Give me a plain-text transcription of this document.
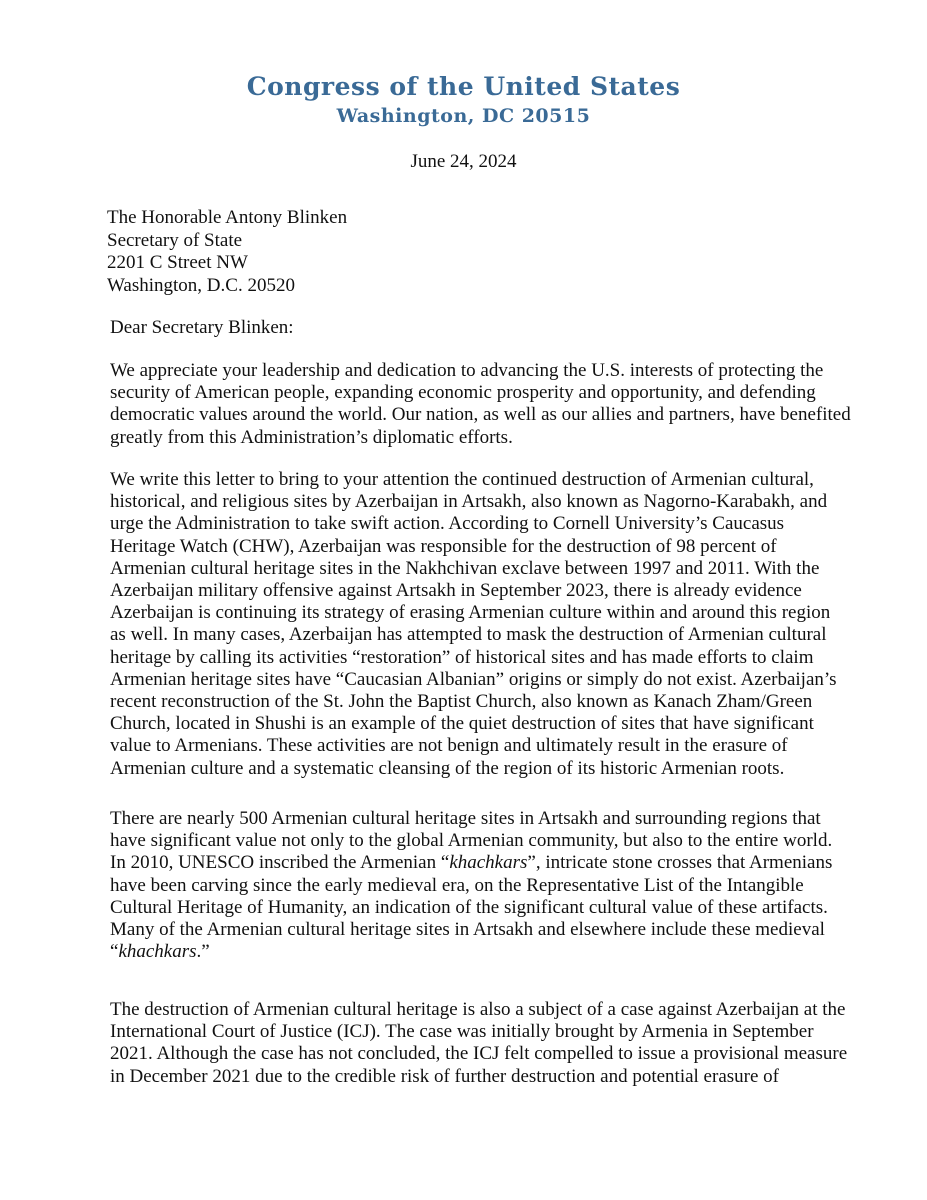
Congress of the United States
Washington, DC 20515
June 24, 2024
The Honorable Antony Blinken
Secretary of State
2201 C Street NW
Washington, D.C. 20520
Dear Secretary Blinken:
We appreciate your leadership and dedication to advancing the U.S. interests of protecting the
security of American people, expanding economic prosperity and opportunity, and defending
democratic values around the world. Our nation, as well as our allies and partners, have benefited
greatly from this Administration’s diplomatic efforts.
We write this letter to bring to your attention the continued destruction of Armenian cultural,
historical, and religious sites by Azerbaijan in Artsakh, also known as Nagorno-Karabakh, and
urge the Administration to take swift action. According to Cornell University’s Caucasus
Heritage Watch (CHW), Azerbaijan was responsible for the destruction of 98 percent of
Armenian cultural heritage sites in the Nakhchivan exclave between 1997 and 2011. With the
Azerbaijan military offensive against Artsakh in September 2023, there is already evidence
Azerbaijan is continuing its strategy of erasing Armenian culture within and around this region
as well. In many cases, Azerbaijan has attempted to mask the destruction of Armenian cultural
heritage by calling its activities “restoration” of historical sites and has made efforts to claim
Armenian heritage sites have “Caucasian Albanian” origins or simply do not exist. Azerbaijan’s
recent reconstruction of the St. John the Baptist Church, also known as Kanach Zham/Green
Church, located in Shushi is an example of the quiet destruction of sites that have significant
value to Armenians. These activities are not benign and ultimately result in the erasure of
Armenian culture and a systematic cleansing of the region of its historic Armenian roots.
There are nearly 500 Armenian cultural heritage sites in Artsakh and surrounding regions that
have significant value not only to the global Armenian community, but also to the entire world.
In 2010, UNESCO inscribed the Armenian “khachkars”, intricate stone crosses that Armenians
have been carving since the early medieval era, on the Representative List of the Intangible
Cultural Heritage of Humanity, an indication of the significant cultural value of these artifacts.
Many of the Armenian cultural heritage sites in Artsakh and elsewhere include these medieval
“khachkars.”
The destruction of Armenian cultural heritage is also a subject of a case against Azerbaijan at the
International Court of Justice (ICJ). The case was initially brought by Armenia in September
2021. Although the case has not concluded, the ICJ felt compelled to issue a provisional measure
in December 2021 due to the credible risk of further destruction and potential erasure of
